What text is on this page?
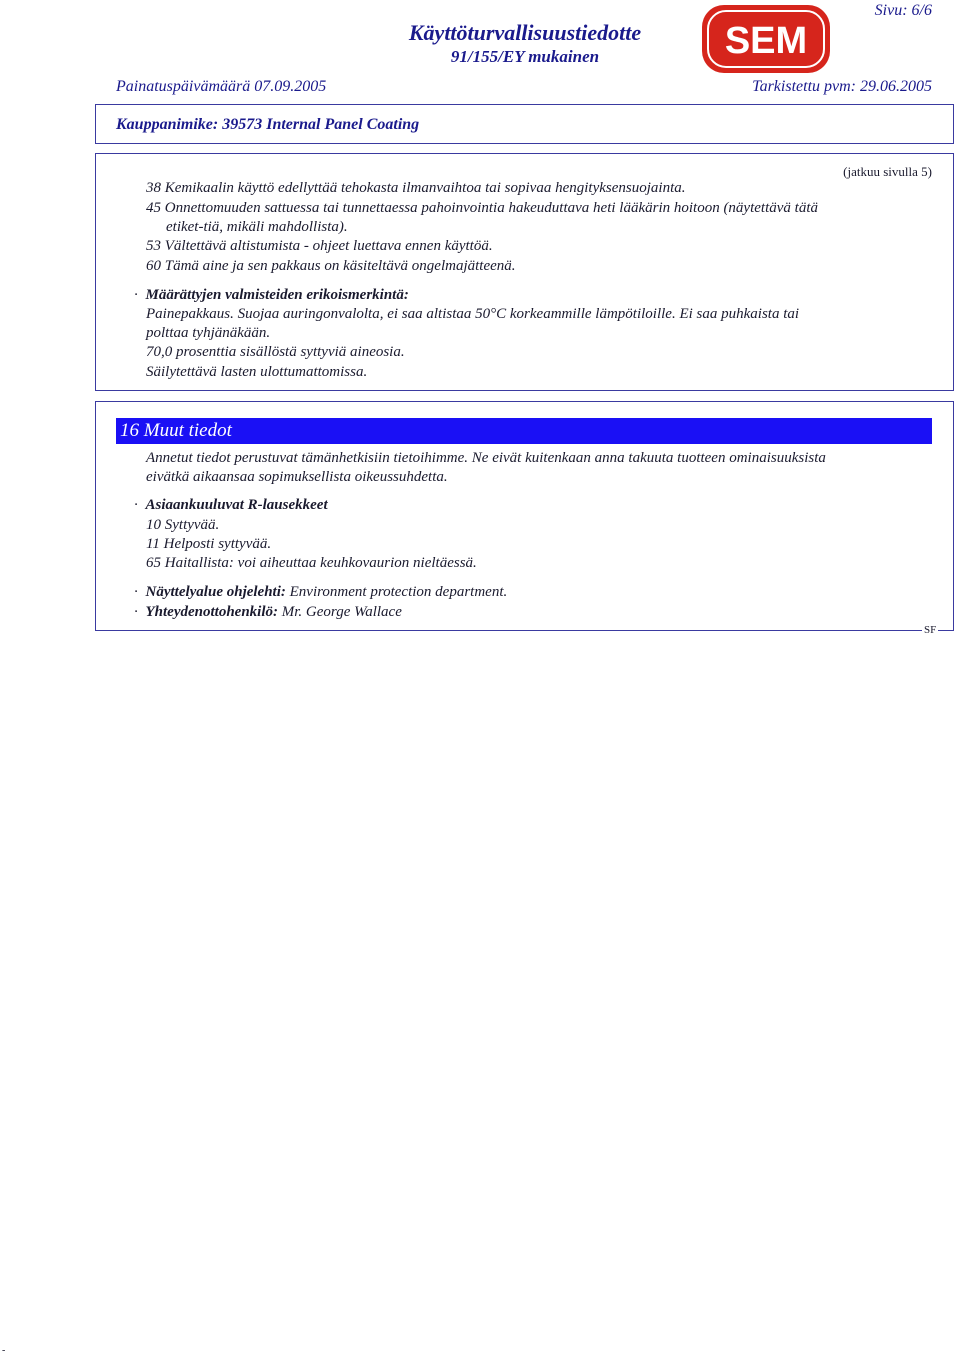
Sivu: 6/6
Käyttöturvallisuustiedotte
91/155/EY mukainen	SEM
Painatuspäivämäärä 07.09.2005	Tarkistettu pvm: 29.06.2005
Kauppanimike: 39573 Internal Panel Coating
(jatkuu sivulla 5)
38 Kemikaalin käyttö edellyttää tehokasta ilmanvaihtoa tai sopivaa hengityksensuojainta.
45 Onnettomuuden sattuessa tai tunnettaessa pahoinvointia hakeuduttava heti lääkärin hoitoon (näytettävä tätä
etiket-tiä, mikäli mahdollista).
53 Vältettävä altistumista - ohjeet luettava ennen käyttöä.
60 Tämä aine ja sen pakkaus on käsiteltävä ongelmajätteenä.
· Määrättyjen valmisteiden erikoismerkintä:
Painepakkaus. Suojaa auringonvalolta, ei saa altistaa 50°C korkeammille lämpötiloille. Ei saa puhkaista tai
polttaa tyhjänäkään.
70,0 prosenttia sisällöstä syttyviä aineosia.
Säilytettävä lasten ulottumattomissa.
16 Muut tiedot
Annetut tiedot perustuvat tämänhetkisiin tietoihimme. Ne eivät kuitenkaan anna takuuta tuotteen ominaisuuksista
eivätkä aikaansaa sopimuksellista oikeussuhdetta.
· Asiaankuuluvat R-lausekkeet
10 Syttyvää.
11 Helposti syttyvää.
65 Haitallista: voi aiheuttaa keuhkovaurion nieltäessä.
· Näyttelyalue ohjelehti: Environment protection department.
· Yhteydenottohenkilö: Mr. George Wallace
SF
-
